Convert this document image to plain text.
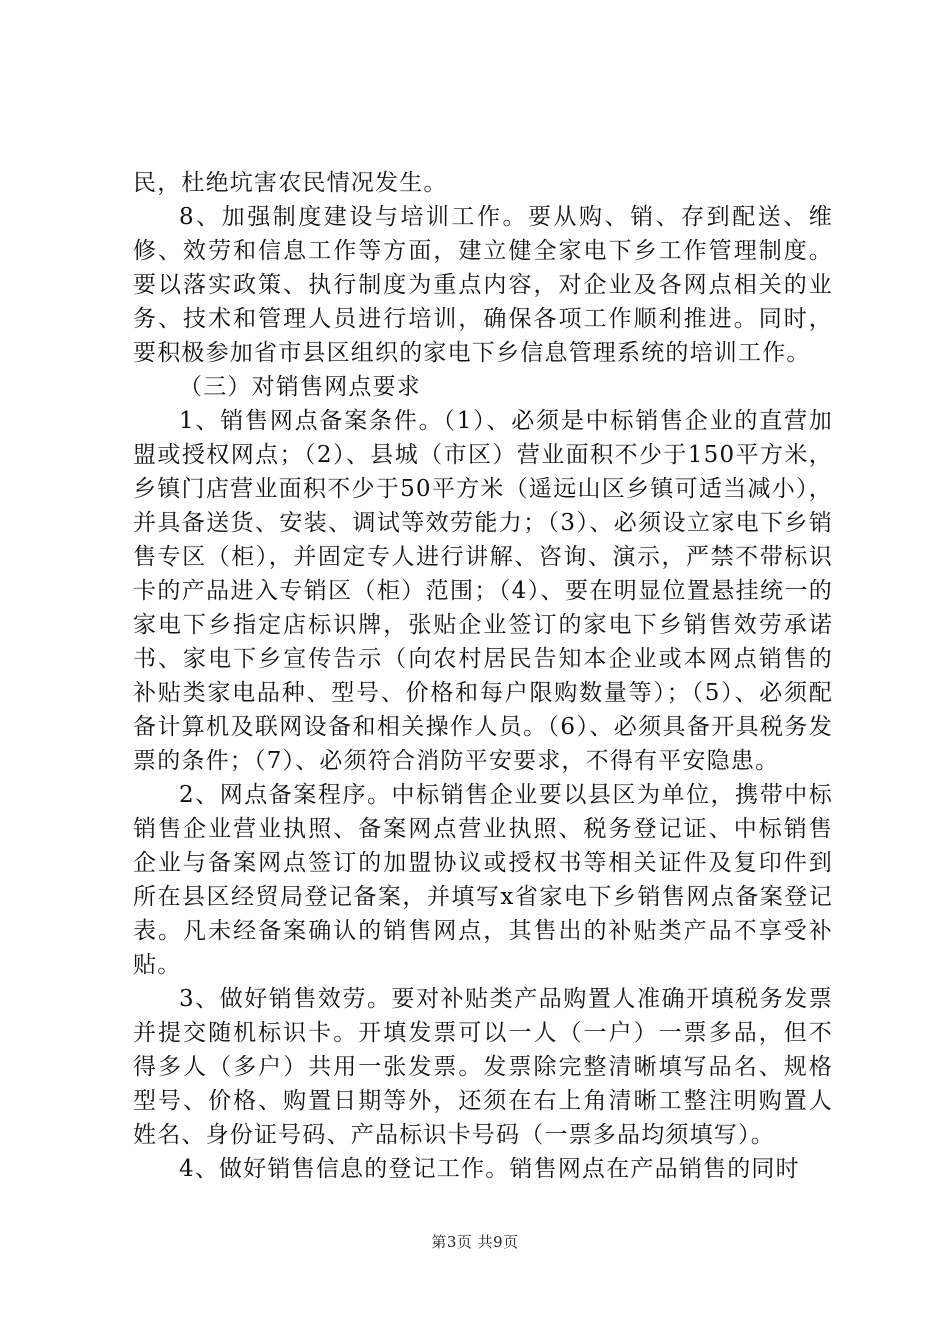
民，杜绝坑害农民情况发生。

8、加强制度建设与培训工作。要从购、销、存到配送、维修、效劳和信息工作等方面，建立健全家电下乡工作管理制度。要以落实政策、执行制度为重点内容，对企业及各网点相关的业务、技术和管理人员进行培训，确保各项工作顺利推进。同时，要积极参加省市县区组织的家电下乡信息管理系统的培训工作。

（三）对销售网点要求

1、销售网点备案条件。（1）、必须是中标销售企业的直营加盟或授权网点；（2）、县城（市区）营业面积不少于150平方米，乡镇门店营业面积不少于50平方米（遥远山区乡镇可适当减小），并具备送货、安装、调试等效劳能力；（3）、必须设立家电下乡销售专区（柜），并固定专人进行讲解、咨询、演示，严禁不带标识卡的产品进入专销区（柜）范围；（4）、要在明显位置悬挂统一的家电下乡指定店标识牌，张贴企业签订的家电下乡销售效劳承诺书、家电下乡宣传告示（向农村居民告知本企业或本网点销售的补贴类家电品种、型号、价格和每户限购数量等）；（5）、必须配备计算机及联网设备和相关操作人员。（6）、必须具备开具税务发票的条件；（7）、必须符合消防平安要求，不得有平安隐患。

2、网点备案程序。中标销售企业要以县区为单位，携带中标销售企业营业执照、备案网点营业执照、税务登记证、中标销售企业与备案网点签订的加盟协议或授权书等相关证件及复印件到所在县区经贸局登记备案，并填写x省家电下乡销售网点备案登记表。凡未经备案确认的销售网点，其售出的补贴类产品不享受补贴。

3、做好销售效劳。要对补贴类产品购置人准确开填税务发票并提交随机标识卡。开填发票可以一人（一户）一票多品，但不得多人（多户）共用一张发票。发票除完整清晰填写品名、规格型号、价格、购置日期等外，还须在右上角清晰工整注明购置人姓名、身份证号码、产品标识卡号码（一票多品均须填写）。

4、做好销售信息的登记工作。销售网点在产品销售的同时

第3页 共9页
